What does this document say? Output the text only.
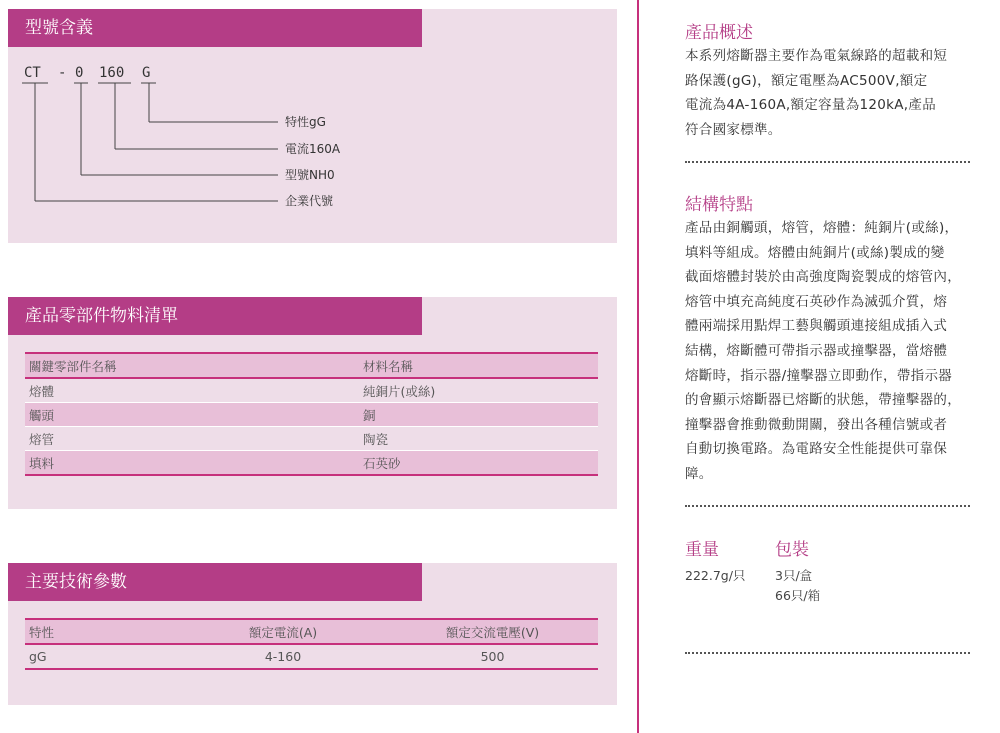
型號含義
CT - 0 160 G
特性gG
電流160A
型號NH0
企業代號
產品零部件物料清單
關鍵零部件名稱	材料名稱
熔體	純銅片(或絲)
觸頭	銅
熔管	陶瓷
填料	石英砂
主要技術參數
特性	額定電流(A)	額定交流電壓(V)
gG	4-160	500
產品概述
本系列熔斷器主要作為電氣線路的超載和短
路保護(gG)，額定電壓為AC500V,額定
電流為4A-160A,額定容量為120kA,產品
符合國家標準。
結構特點
產品由銅觸頭，熔管，熔體：純銅片(或絲)，
填料等組成。熔體由純銅片(或絲)製成的變
截面熔體封裝於由高強度陶瓷製成的熔管內，
熔管中填充高純度石英砂作為滅弧介質，熔
體兩端採用點焊工藝與觸頭連接組成插入式
結構，熔斷體可帶指示器或撞擊器，當熔體
熔斷時，指示器/撞擊器立即動作，帶指示器
的會顯示熔斷器已熔斷的狀態，帶撞擊器的，
撞擊器會推動微動開關，發出各種信號或者
自動切換電路。為電路安全性能提供可靠保
障。
重量	包裝
222.7g/只 3只/盒
66只/箱
